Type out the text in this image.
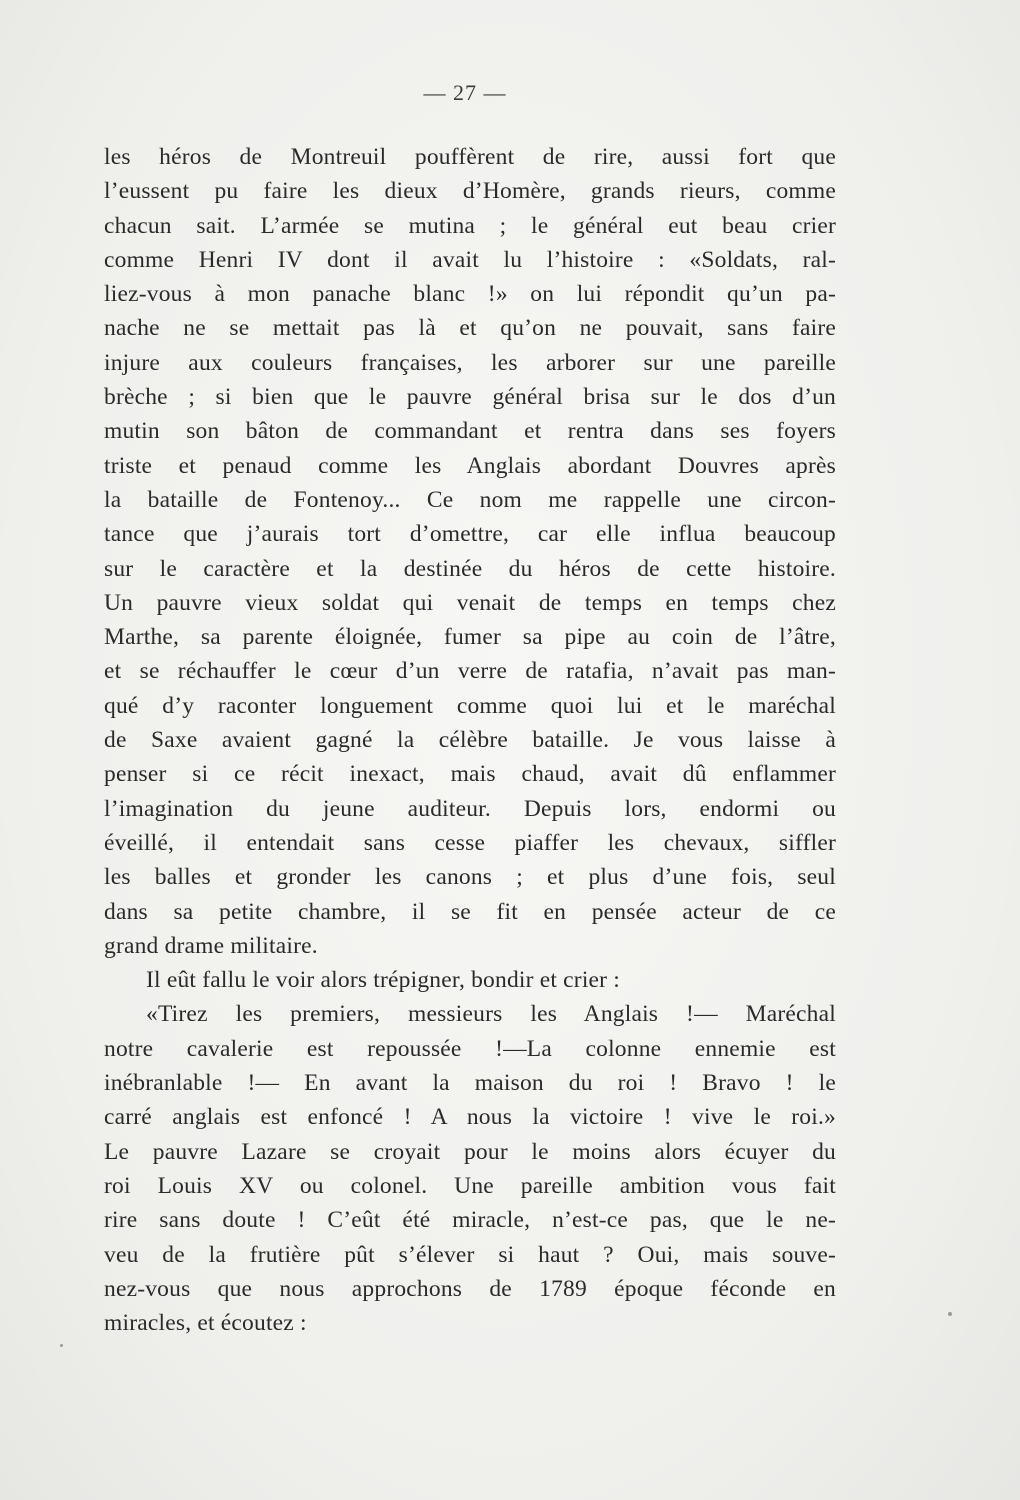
— 27 —
les héros de Montreuil pouffèrent de rire, aussi fort que
l’eussent pu faire les dieux d’Homère, grands rieurs, comme
chacun sait. L’armée se mutina ; le général eut beau crier
comme Henri IV dont il avait lu l’histoire : «Soldats, ral-
liez-vous à mon panache blanc !» on lui répondit qu’un pa-
nache ne se mettait pas là et qu’on ne pouvait, sans faire
injure aux couleurs françaises, les arborer sur une pareille
brèche ; si bien que le pauvre général brisa sur le dos d’un
mutin son bâton de commandant et rentra dans ses foyers
triste et penaud comme les Anglais abordant Douvres après
la bataille de Fontenoy... Ce nom me rappelle une circon-
tance que j’aurais tort d’omettre, car elle influa beaucoup
sur le caractère et la destinée du héros de cette histoire.
Un pauvre vieux soldat qui venait de temps en temps chez
Marthe, sa parente éloignée, fumer sa pipe au coin de l’âtre,
et se réchauffer le cœur d’un verre de ratafia, n’avait pas man-
qué d’y raconter longuement comme quoi lui et le maréchal
de Saxe avaient gagné la célèbre bataille. Je vous laisse à
penser si ce récit inexact, mais chaud, avait dû enflammer
l’imagination du jeune auditeur. Depuis lors, endormi ou
éveillé, il entendait sans cesse piaffer les chevaux, siffler
les balles et gronder les canons ; et plus d’une fois, seul
dans sa petite chambre, il se fit en pensée acteur de ce
grand drame militaire.
Il eût fallu le voir alors trépigner, bondir et crier :
«Tirez les premiers, messieurs les Anglais !— Maréchal
notre cavalerie est repoussée !—La colonne ennemie est
inébranlable !— En avant la maison du roi ! Bravo ! le
carré anglais est enfoncé ! A nous la victoire ! vive le roi.»
Le pauvre Lazare se croyait pour le moins alors écuyer du
roi Louis XV ou colonel. Une pareille ambition vous fait
rire sans doute ! C’eût été miracle, n’est-ce pas, que le ne-
veu de la frutière pût s’élever si haut ? Oui, mais souve-
nez-vous que nous approchons de 1789 époque féconde en
miracles, et écoutez :
